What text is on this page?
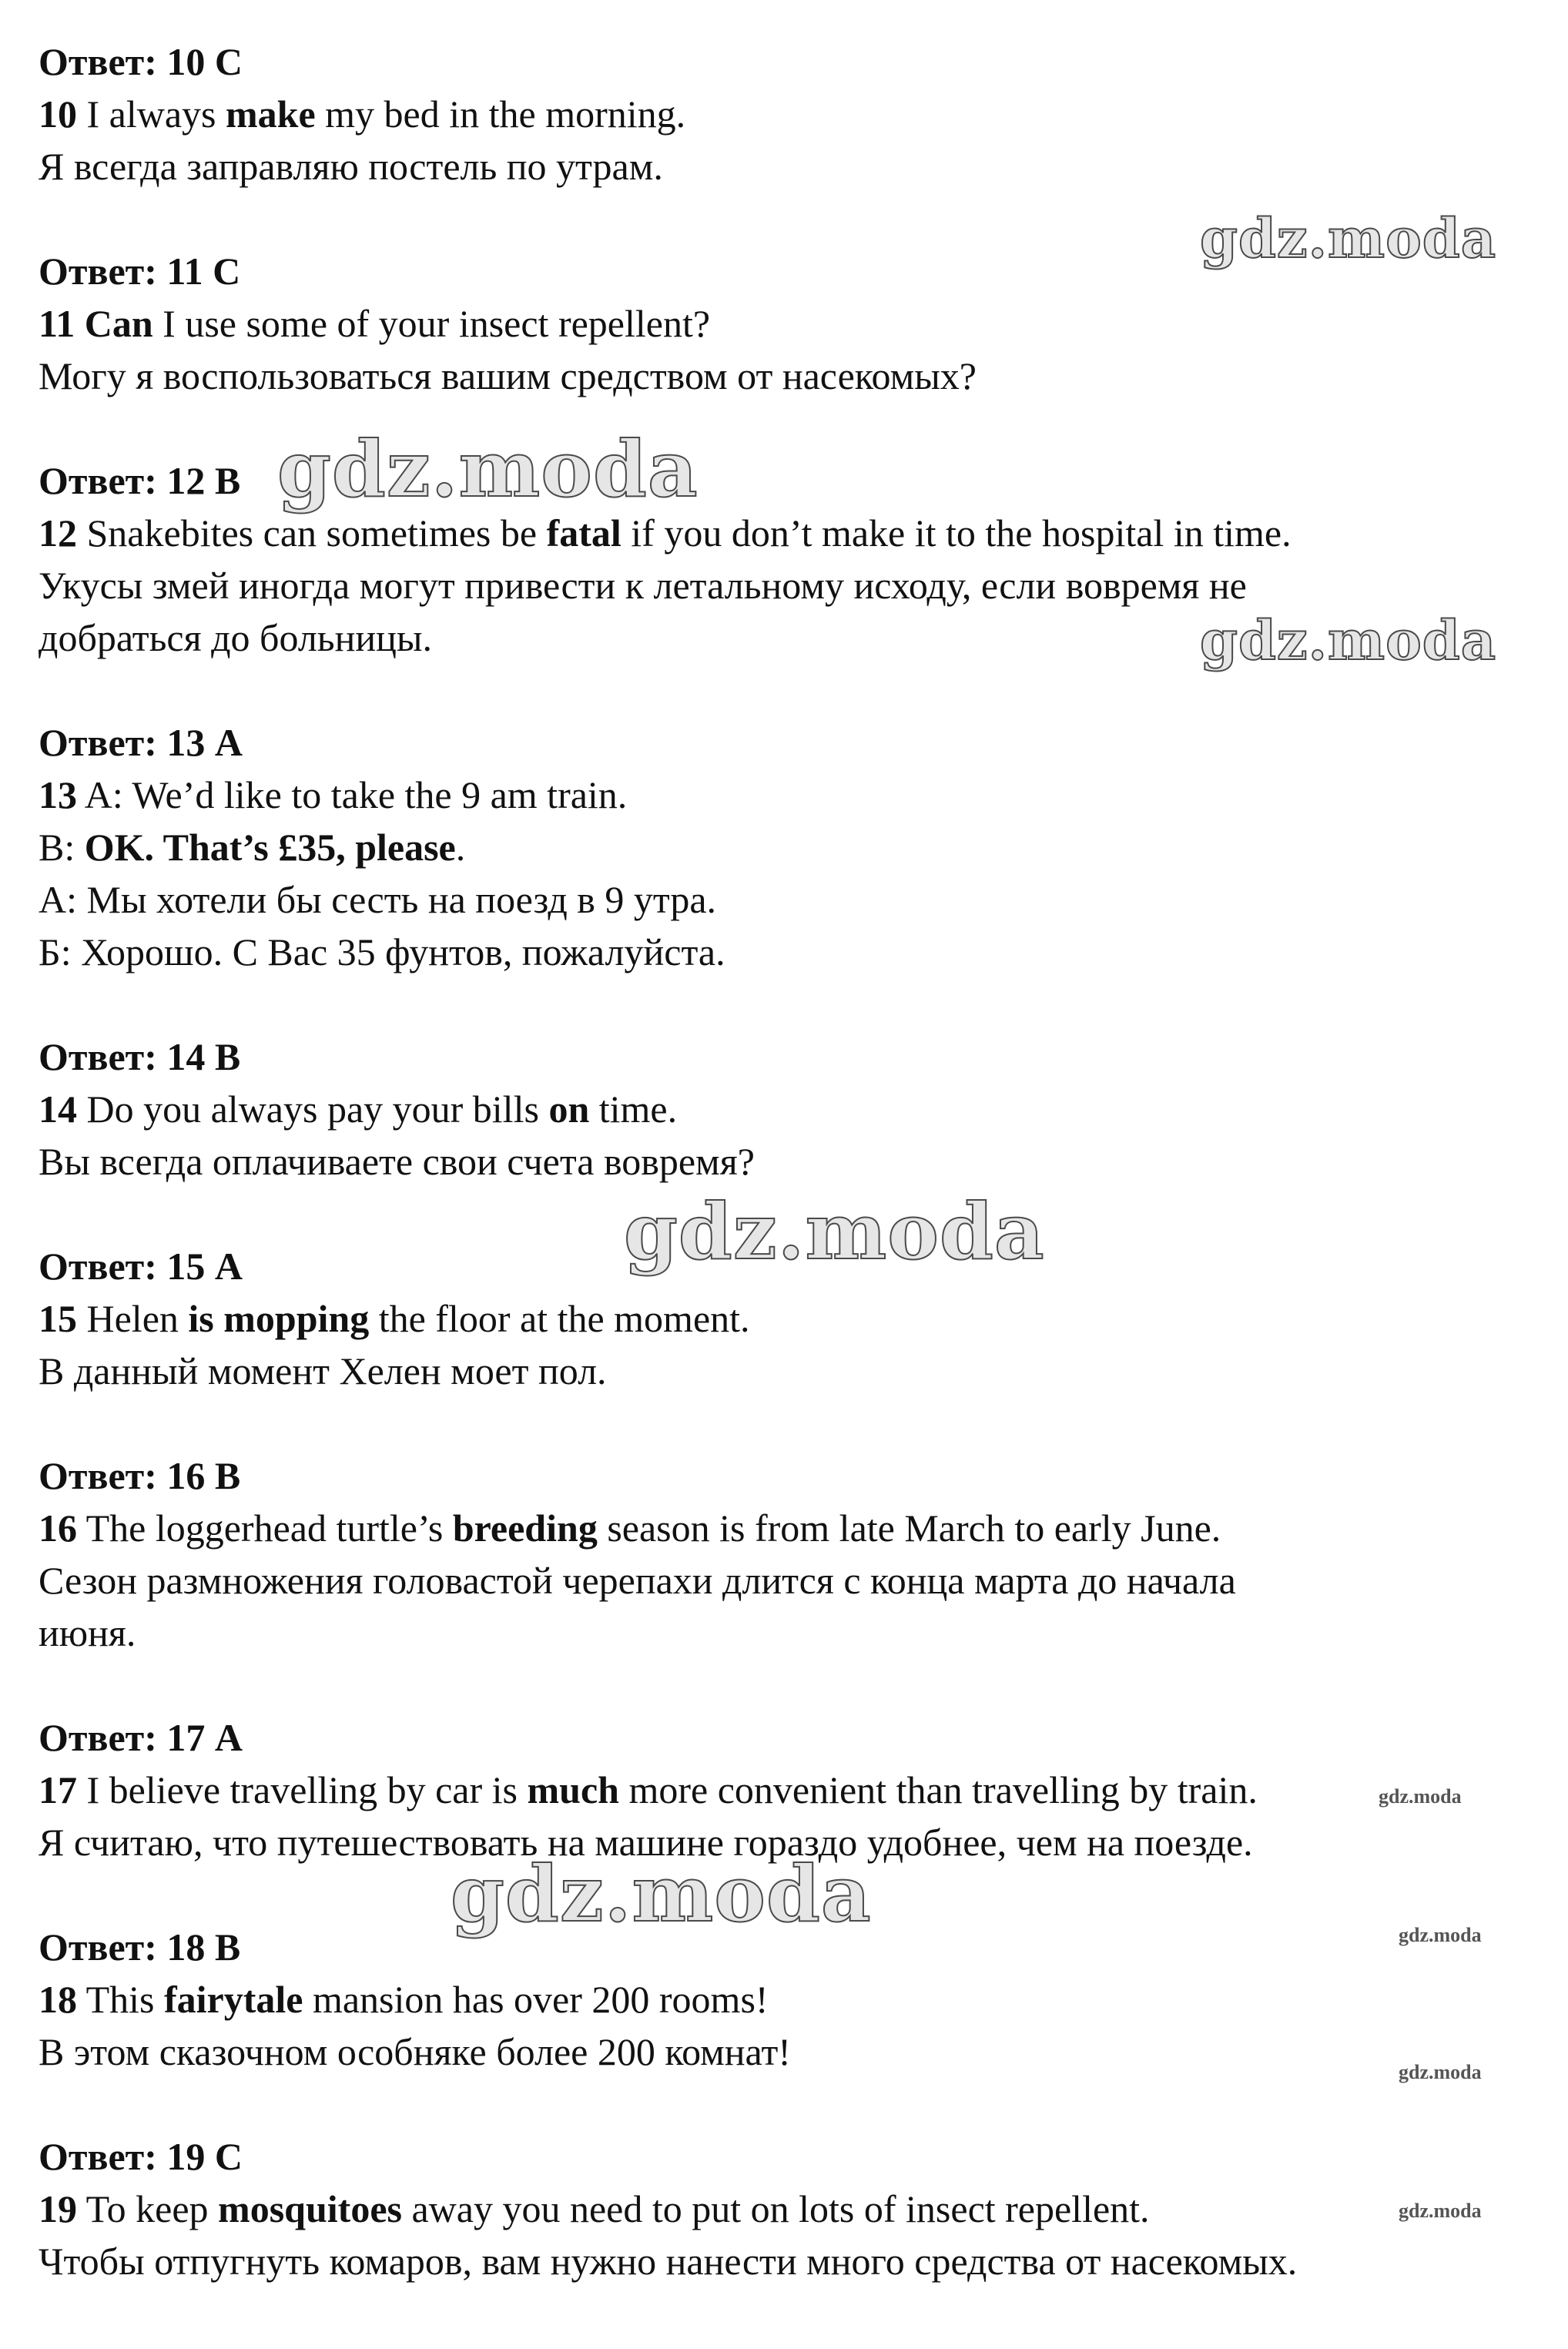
Ответ: 10 C
10 I always make my bed in the morning.
Я всегда заправляю постель по утрам.
Ответ: 11 C
11 Can I use some of your insect repellent?
Могу я воспользоваться вашим средством от насекомых?
Ответ: 12 B
12 Snakebites can sometimes be fatal if you don’t make it to the hospital in time.
Укусы змей иногда могут привести к летальному исходу, если вовремя не
добраться до больницы.
Ответ: 13 A
13 A: We’d like to take the 9 am train.
B: OK. That’s £35, please.
А: Мы хотели бы сесть на поезд в 9 утра.
Б: Хорошо. С Вас 35 фунтов, пожалуйста.
Ответ: 14 B
14 Do you always pay your bills on time.
Вы всегда оплачиваете свои счета вовремя?
Ответ: 15 A
15 Helen is mopping the floor at the moment.
В данный момент Хелен моет пол.
Ответ: 16 B
16 The loggerhead turtle’s breeding season is from late March to early June.
Сезон размножения головастой черепахи длится с конца марта до начала
июня.
Ответ: 17 A
17 I believe travelling by car is much more convenient than travelling by train.
Я считаю, что путешествовать на машине гораздо удобнее, чем на поезде.
Ответ: 18 B
18 This fairytale mansion has over 200 rooms!
В этом сказочном особняке более 200 комнат!
Ответ: 19 C
19 To keep mosquitoes away you need to put on lots of insect repellent.
Чтобы отпугнуть комаров, вам нужно нанести много средства от насекомых.
gdz.moda
gdz.moda
gdz.moda
gdz.moda
gdz.moda
gdz.moda
gdz.moda
gdz.moda
gdz.moda
